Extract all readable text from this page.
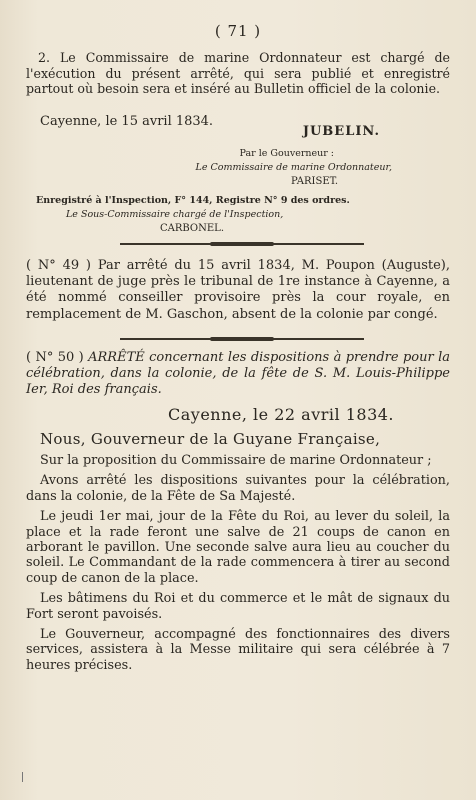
( 71 )
2. Le Commissaire de marine Ordonnateur est chargé de l'exécution du présent arrêté, qui sera publié et enregistré partout où besoin sera et inséré au Bulletin officiel de la colonie.
Cayenne, le 15 avril 1834.
JUBELIN.
Par le Gouverneur :
Le Commissaire de marine Ordonnateur,
PARISET.
Enregistré à l'Inspection, F° 144, Registre N° 9 des ordres.
Le Sous-Commissaire chargé de l'Inspection,
CARBONEL.
( N° 49 ) Par arrêté du 15 avril 1834, M. Poupon (Auguste), lieutenant de juge près le tribunal de 1re instance à Cayenne, a été nommé conseiller provisoire près la cour royale, en remplacement de M. Gaschon, absent de la colonie par congé.
( N° 50 ) ARRÊTÉ concernant les dispositions à prendre pour la célébration, dans la colonie, de la fête de S. M. Louis-Philippe Ier, Roi des français.
Cayenne, le 22 avril 1834.
Nous, Gouverneur de la Guyane Française,

Sur la proposition du Commissaire de marine Ordonnateur ;

Avons arrêté les dispositions suivantes pour la célébration, dans la colonie, de la Fête de Sa Majesté.

Le jeudi 1er mai, jour de la Fête du Roi, au lever du soleil, la place et la rade feront une salve de 21 coups de canon en arborant le pavillon. Une seconde salve aura lieu au coucher du soleil. Le Commandant de la rade commencera à tirer au second coup de canon de la place.

Les bâtimens du Roi et du commerce et le mât de signaux du Fort seront pavoisés.

Le Gouverneur, accompagné des fonctionnaires des divers services, assistera à la Messe militaire qui sera célébrée à 7 heures précises.
